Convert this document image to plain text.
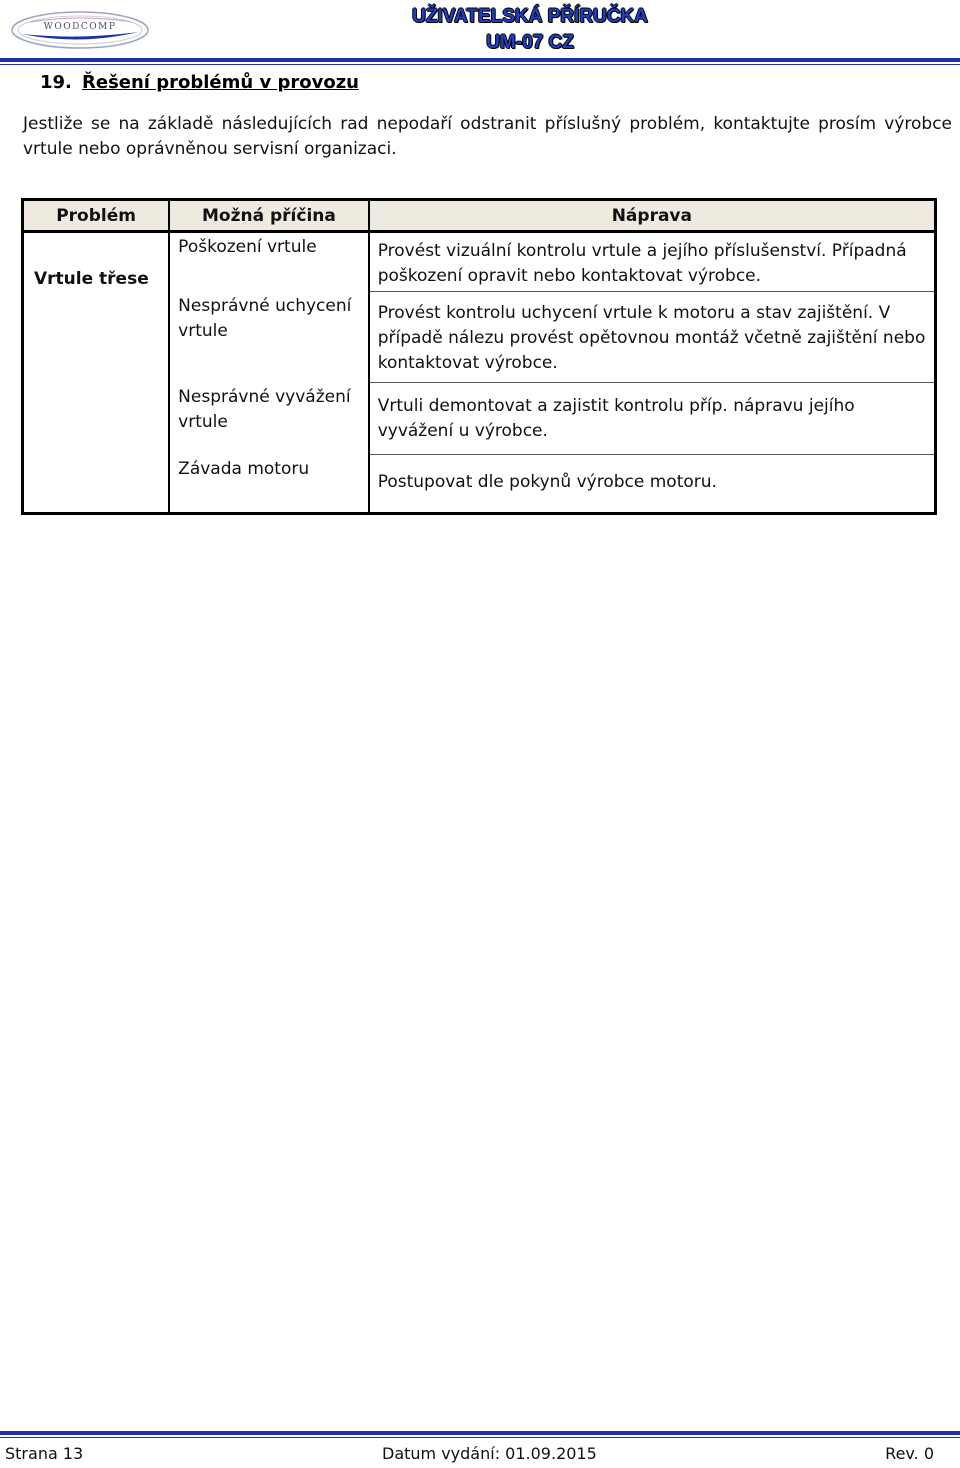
WOODCOMP	UŽIVATELSKÁ PŘÍRUČKA
UM-07 CZ
19. Řešení problémů v provozu
Jestliže se na základě následujících rad nepodaří odstranit příslušný problém, kontaktujte prosím výrobce vrtule nebo oprávněnou servisní organizaci.
Problém	Možná příčina	Náprava
Vrtule třese	Poškození vrtule	Provést vizuální kontrolu vrtule a jejího příslušenství. Případná poškození opravit nebo kontaktovat výrobce.
	Nesprávné uchycení vrtule	Provést kontrolu uchycení vrtule k motoru a stav zajištění. V případě nálezu provést opětovnou montáž včetně zajištění nebo kontaktovat výrobce.
	Nesprávné vyvážení vrtule	Vrtuli demontovat a zajistit kontrolu příp. nápravu jejího vyvážení u výrobce.
	Závada motoru	Postupovat dle pokynů výrobce motoru.
Strana 13	Datum vydání: 01.09.2015	Rev. 0
